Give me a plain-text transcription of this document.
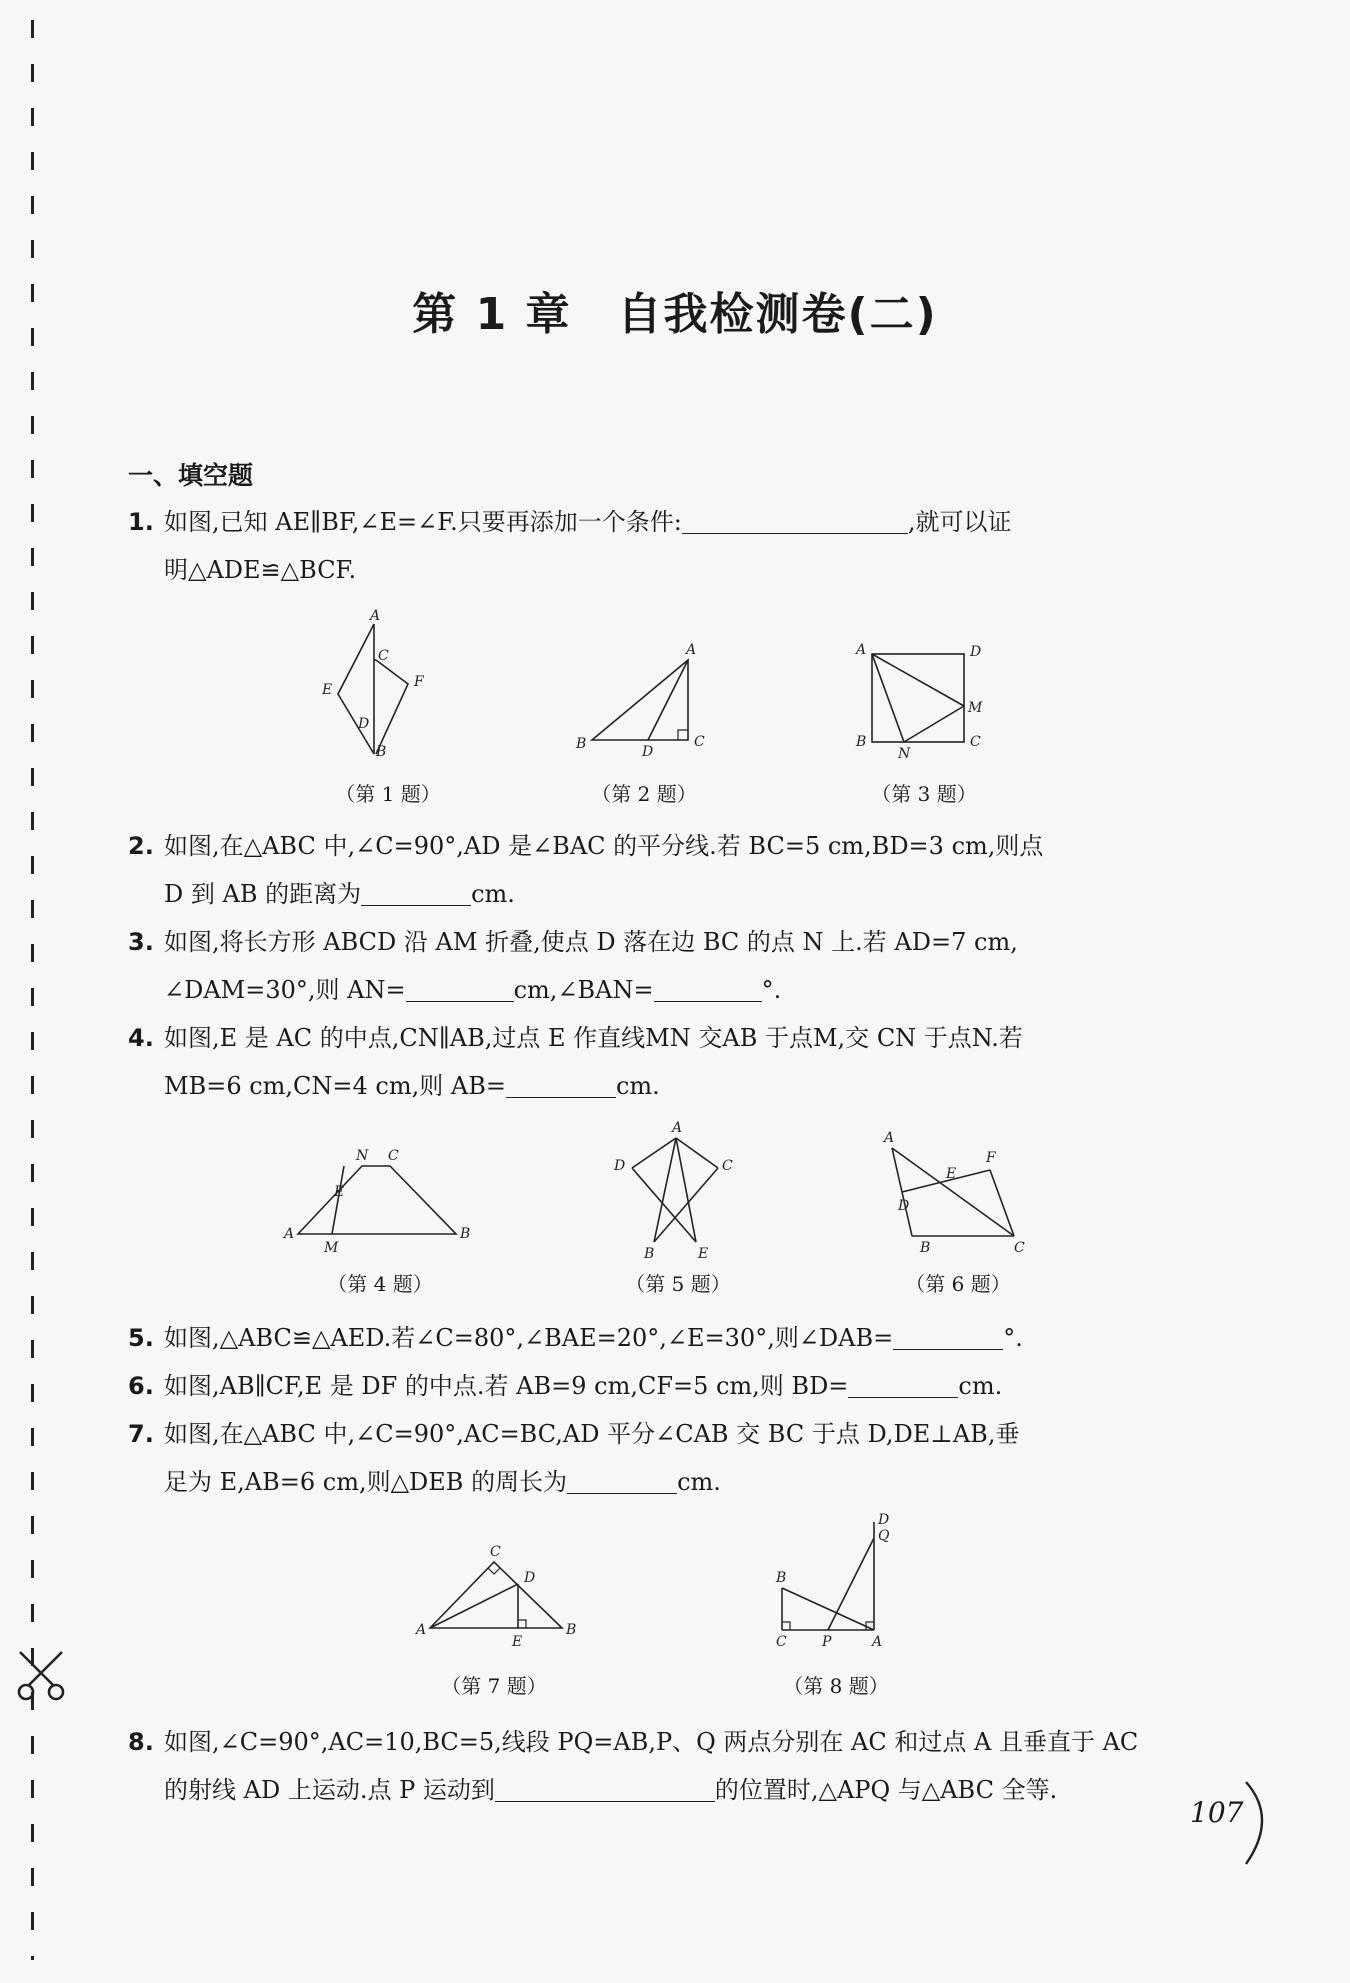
第 1 章 自我检测卷(二)
一、填空题
1. 如图,已知 AE∥BF,∠E=∠F.只要再添加一个条件:	,就可以证
明△ADE≌△BCF.
A
C
F
E
D
B
A
B	D
C
A	D
M
B
N
C
（第 1 题）	（第 2 题）	（第 3 题）
2. 如图,在△ABC 中,∠C=90°,AD 是∠BAC 的平分线.若 BC=5 cm,BD=3 cm,则点
D 到 AB 的距离为	cm.
3. 如图,将长方形 ABCD 沿 AM 折叠,使点 D 落在边 BC 的点 N 上.若 AD=7 cm,
∠DAM=30°,则 AN=	cm,∠BAN=	°.
4. 如图,E 是 AC 的中点,CN∥AB,过点 E 作直线MN 交AB 于点M,交 CN 于点N.若
MB=6 cm,CN=4 cm,则 AB=	cm.
N C
E
A
M
B
A
D	C
B	E
A
F
E
D
B	C
（第 4 题）	（第 5 题）	（第 6 题）
5. 如图,△ABC≌△AED.若∠C=80°,∠BAE=20°,∠E=30°,则∠DAB=	°.
6. 如图,AB∥CF,E 是 DF 的中点.若 AB=9 cm,CF=5 cm,则 BD=	cm.
7. 如图,在△ABC 中,∠C=90°,AC=BC,AD 平分∠CAB 交 BC 于点 D,DE⊥AB,垂
足为 E,AB=6 cm,则△DEB 的周长为	cm.
C
D
A
E
B
D
Q
B
C	P	A
（第 7 题）	（第 8 题）
8. 如图,∠C=90°,AC=10,BC=5,线段 PQ=AB,P、Q 两点分别在 AC 和过点 A 且垂直于 AC
的射线 AD 上运动.点 P 运动到	的位置时,△APQ 与△ABC 全等.
107
